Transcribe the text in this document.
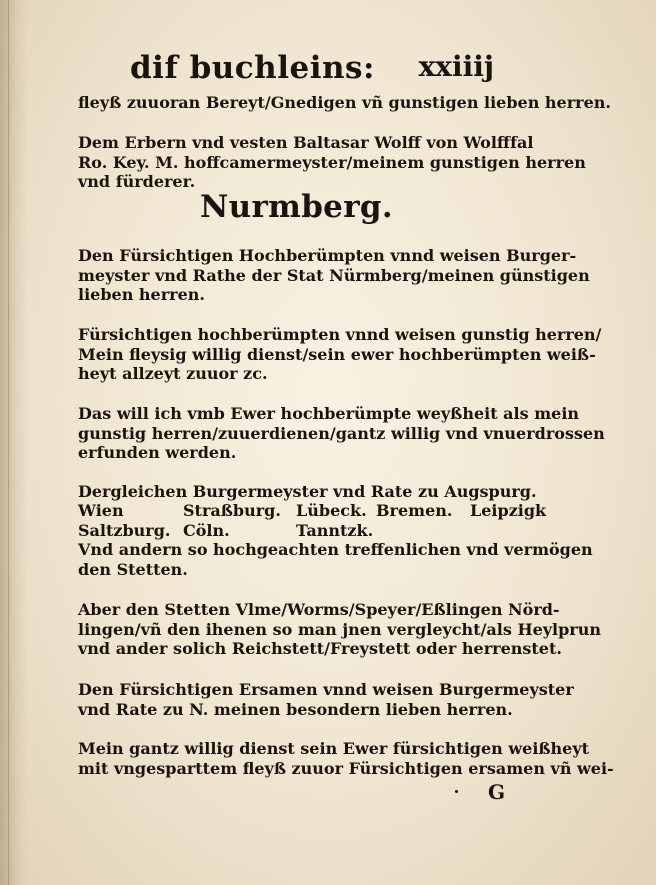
dif buchleins: xxiiij

fleyß zuuoran Bereyt/Gnedigen vñ gunstigen lieben herren.

Dem Erbern vnd vesten Baltasar Wolff von Wolfffal
Ro. Key. M. hoffcamermeyster/meinem gunstigen herren
vnd fürderer.

Nurmberg.

Den Fürsichtigen Hochberümpten vnnd weisen Burger-
meyster vnd Rathe der Stat Nürmberg/meinen günstigen
lieben herren.

Fürsichtigen hochberümpten vnnd weisen gunstig herren/
Mein fleysig willig dienst/sein ewer hochberümpten weiß-
heyt allzeyt zuuor zc.

Das will ich vmb Ewer hochberümpte weyßheit als mein
gunstig herren/zuuerdienen/gantz willig vnd vnuerdrossen
erfunden werden.

Dergleichen Burgermeyster vnd Rate zu Augspurg.

Wien	Straßburg. Lübeck. Bremen. Leipzigk
Saltzburg. Cöln.	Tanntzk.

Vnd andern so hochgeachten treffenlichen vnd vermögen
den Stetten.

Aber den Stetten Vlme/Worms/Speyer/Eßlingen Nörd-
lingen/vñ den ihenen so man jnen vergleycht/als Heylprun
vnd ander solich Reichstett/Freystett oder herrenstet.

Den Fürsichtigen Ersamen vnnd weisen Burgermeyster
vnd Rate zu N. meinen besondern lieben herren.

Mein gantz willig dienst sein Ewer fürsichtigen weißheyt
mit vngesparttem fleyß zuuor Fürsichtigen ersamen vñ wei-

G
